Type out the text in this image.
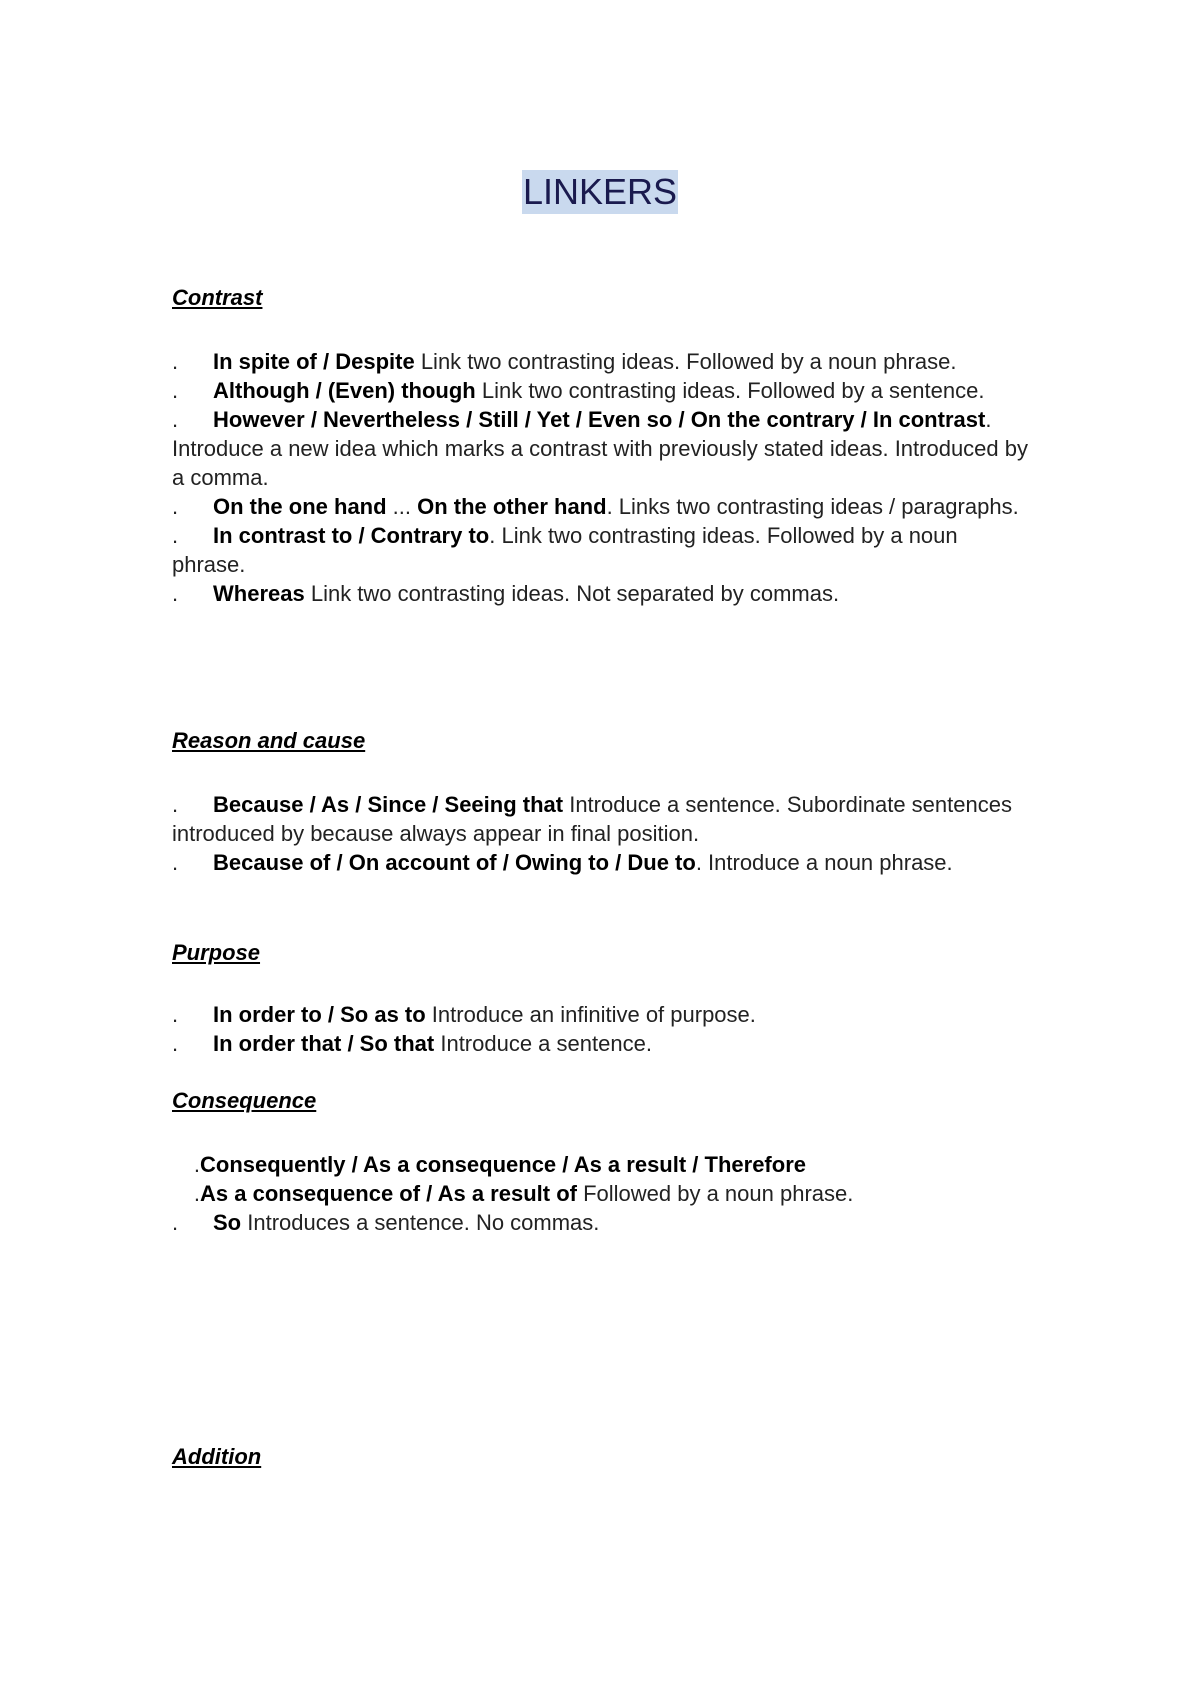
LINKERS

Contrast

. In spite of / Despite Link two contrasting ideas. Followed by a noun phrase.

. Although / (Even) though Link two contrasting ideas. Followed by a sentence.

. However / Nevertheless / Still / Yet / Even so / On the contrary / In contrast. Introduce a new idea which marks a contrast with previously stated ideas. Introduced by a comma.

. On the one hand ... On the other hand. Links two contrasting ideas / paragraphs.

. In contrast to / Contrary to. Link two contrasting ideas. Followed by a noun phrase.

. Whereas Link two contrasting ideas. Not separated by commas.

Reason and cause

. Because / As / Since / Seeing that Introduce a sentence. Subordinate sentences introduced by because always appear in final position.

. Because of / On account of / Owing to / Due to. Introduce a noun phrase.

Purpose

. In order to / So as to Introduce an infinitive of purpose.

. In order that / So that Introduce a sentence.

Consequence

.Consequently / As a consequence / As a result / Therefore

.As a consequence of / As a result of Followed by a noun phrase.

. So Introduces a sentence. No commas.

Addition
